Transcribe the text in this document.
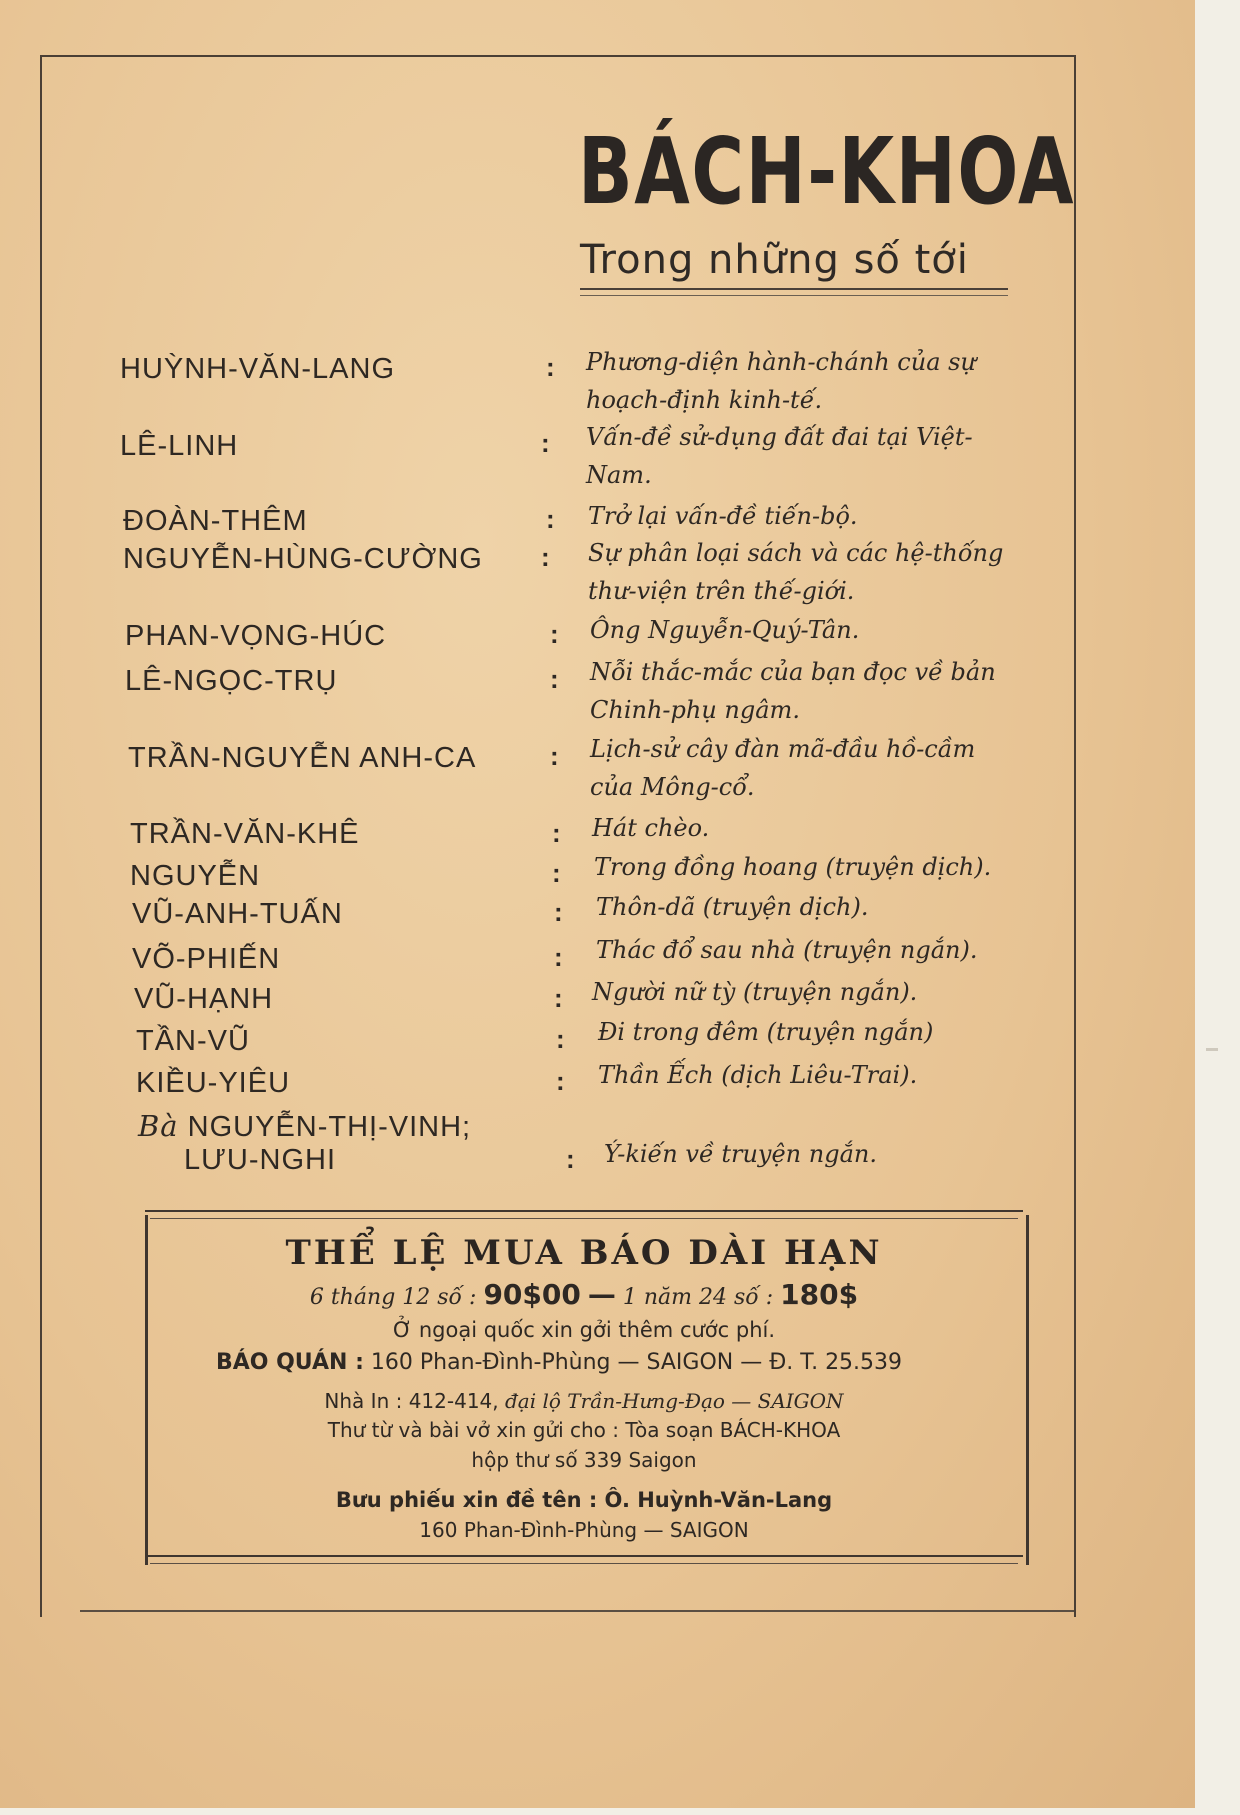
BÁCH-KHOA
Trong những số tới
HUỲNH-VĂN-LANG	: Phương-diện hành-chánh của sự hoạch-định kinh-tế.
LÊ-LINH	: Vấn-đề sử-dụng đất đai tại Việt-Nam.
ĐOÀN-THÊM	: Trở lại vấn-đề tiến-bộ.
NGUYỄN-HÙNG-CƯỜNG : Sự phân loại sách và các hệ-thống thư-viện trên thế-giới.
PHAN-VỌNG-HÚC	: Ông Nguyễn-Quý-Tân.
LÊ-NGỌC-TRỤ	: Nỗi thắc-mắc của bạn đọc về bản Chinh-phụ ngâm.
TRẦN-NGUYỄN ANH-CA	: Lịch-sử cây đàn mã-đầu hồ-cầm của Mông-cổ.
TRẦN-VĂN-KHÊ	: Hát chèo.
NGUYỄN	: Trong đồng hoang (truyện dịch).
VŨ-ANH-TUẤN	: Thôn-dã (truyện dịch).
VÕ-PHIẾN	: Thác đổ sau nhà (truyện ngắn).
VŨ-HẠNH	: Người nữ tỳ (truyện ngắn).
TẦN-VŨ	: Đi trong đêm (truyện ngắn)
KIỀU-YIÊU	: Thần Ếch (dịch Liêu-Trai).
Bà NGUYỄN-THỊ-VINH;
LƯU-NGHI	: Ý-kiến về truyện ngắn.
THỂ LỆ MUA BÁO DÀI HẠN
6 tháng 12 số : 90$00 — 1 năm 24 số : 180$
Ở ngoại quốc xin gởi thêm cước phí.
BÁO QUÁN : 160 Phan-Đình-Phùng — SAIGON — Đ. T. 25.539
Nhà In : 412-414, đại lộ Trần-Hưng-Đạo — SAIGON
Thư từ và bài vở xin gửi cho : Tòa soạn BÁCH-KHOA
hộp thư số 339 Saigon
Bưu phiếu xin đề tên : Ô. Huỳnh-Văn-Lang
160 Phan-Đình-Phùng — SAIGON
